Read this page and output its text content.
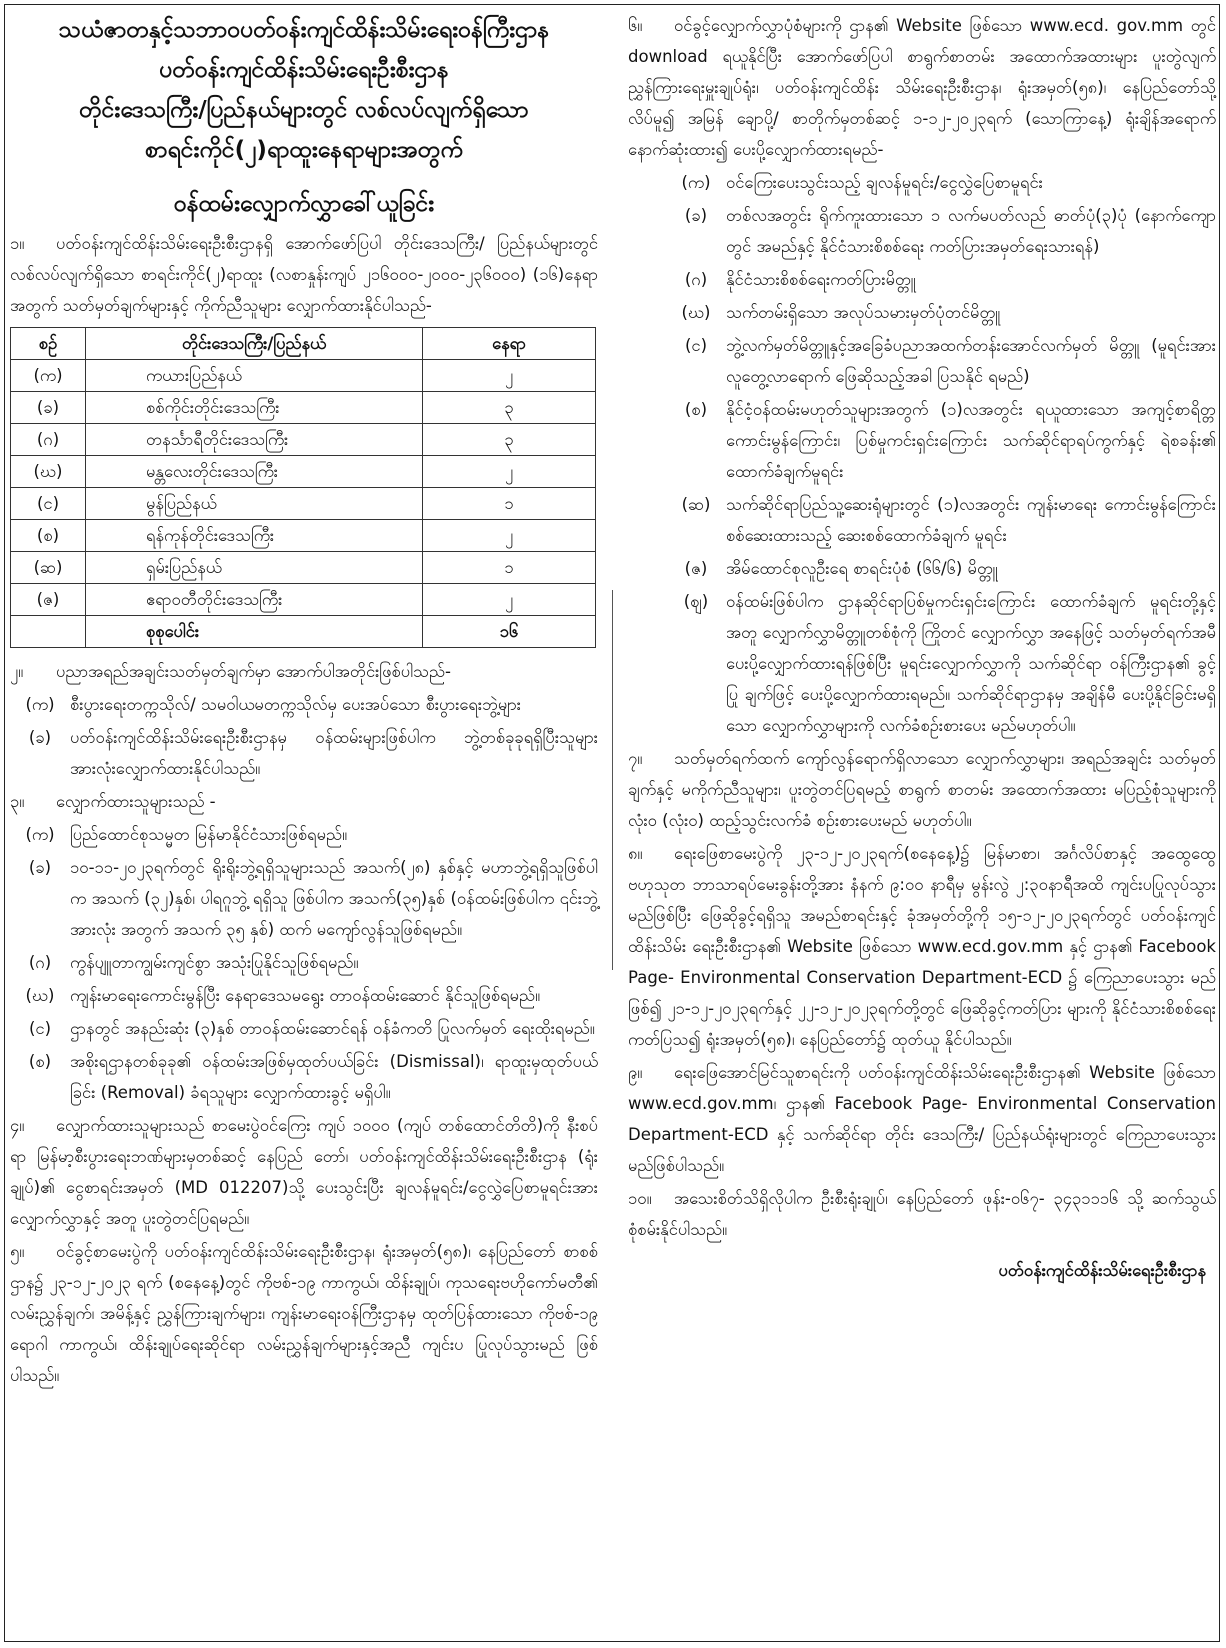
သယံဇာတနှင့်သဘာဝပတ်ဝန်းကျင်ထိန်းသိမ်းရေးဝန်ကြီးဌာန

ပတ်ဝန်းကျင်ထိန်းသိမ်းရေးဦးစီးဌာန

တိုင်းဒေသကြီး/ပြည်နယ်များတွင် လစ်လပ်လျက်ရှိသော

စာရင်းကိုင်(၂)ရာထူးနေရာများအတွက်

ဝန်ထမ်းလျှောက်လွှာခေါ်ယူခြင်း

၁။ ပတ်ဝန်းကျင်ထိန်းသိမ်းရေးဦးစီးဌာနရှိ အောက်ဖော်ပြပါ တိုင်းဒေသကြီး/ ပြည်နယ်များတွင် လစ်လပ်လျက်ရှိသော စာရင်းကိုင်(၂)ရာထူး (လစာနှုန်းကျပ် ၂၁၆၀၀၀-၂၀၀၀-၂၃၆၀၀၀) (၁၆)နေရာ အတွက် သတ်မှတ်ချက်များနှင့် ကိုက်ညီသူများ လျှောက်ထားနိုင်ပါသည်-

စဉ်	တိုင်းဒေသကြီး/ပြည်နယ်	နေရာ
(က)	ကယားပြည်နယ်	၂
(ခ)	စစ်ကိုင်းတိုင်းဒေသကြီး	၃
(ဂ)	တနင်္သာရီတိုင်းဒေသကြီး	၃
(ဃ)	မန္တလေးတိုင်းဒေသကြီး	၂
(င)	မွန်ပြည်နယ်	၁
(စ)	ရန်ကုန်တိုင်းဒေသကြီး	၂
(ဆ)	ရှမ်းပြည်နယ်	၁
(ဇ)	ဧရာဝတီတိုင်းဒေသကြီး	၂
	စုစုပေါင်း	၁၆

၂။ ပညာအရည်အချင်းသတ်မှတ်ချက်မှာ အောက်ပါအတိုင်းဖြစ်ပါသည်-

(က) စီးပွားရေးတက္ကသိုလ်/ သမဝါယမတက္ကသိုလ်မှ ပေးအပ်သော စီးပွားရေးဘွဲ့များ
(ခ)	ပတ်ဝန်းကျင်ထိန်းသိမ်းရေးဦးစီးဌာနမှ ဝန်ထမ်းများဖြစ်ပါက ဘွဲ့တစ်ခုခုရရှိပြီးသူများ အားလုံးလျှောက်ထားနိုင်ပါသည်။

၃။ လျှောက်ထားသူများသည် -

(က) ပြည်ထောင်စုသမ္မတ မြန်မာနိုင်ငံသားဖြစ်ရမည်။
(ခ)	၁၀-၁၁-၂၀၂၃ရက်တွင် ရိုးရိုးဘွဲ့ရရှိသူများသည် အသက်(၂၈) နှစ်နှင့် မဟာဘွဲ့ရရှိသူဖြစ်ပါက အသက် (၃၂)နှစ်၊ ပါရဂူဘွဲ့ ရရှိသူ ဖြစ်ပါက အသက်(၃၅)နှစ် (ဝန်ထမ်းဖြစ်ပါက ၎င်းဘွဲ့အားလုံး အတွက် အသက် ၃၅ နှစ်) ထက် မကျော်လွန်သူဖြစ်ရမည်။
(ဂ)	ကွန်ပျူတာကျွမ်းကျင်စွာ အသုံးပြုနိုင်သူဖြစ်ရမည်။
(ဃ) ကျန်းမာရေးကောင်းမွန်ပြီး နေရာဒေသမရွေး တာဝန်ထမ်းဆောင် နိုင်သူဖြစ်ရမည်။
(င)	ဌာနတွင် အနည်းဆုံး (၃)နှစ် တာဝန်ထမ်းဆောင်ရန် ဝန်ခံကတိ ပြုလက်မှတ် ရေးထိုးရမည်။
(စ)	အစိုးရဌာနတစ်ခုခု၏ ဝန်ထမ်းအဖြစ်မှထုတ်ပယ်ခြင်း (Dismissal)၊ ရာထူးမှထုတ်ပယ်ခြင်း (Removal) ခံရသူများ လျှောက်ထားခွင့် မရှိပါ။

၄။ လျှောက်ထားသူများသည် စာမေးပွဲဝင်ကြေး ကျပ် ၁၀၀ဝ (ကျပ် တစ်ထောင်တိတိ)ကို နီးစပ်ရာ မြန်မာ့စီးပွားရေးဘဏ်များမှတစ်ဆင့် နေပြည် တော်၊ ပတ်ဝန်းကျင်ထိန်းသိမ်းရေးဦးစီးဌာန (ရုံးချုပ်)၏ ငွေစာရင်းအမှတ် (MD 012207)သို့ ပေးသွင်းပြီး ချလန်မူရင်း/ငွေလွှဲပြေစာမူရင်းအား လျှောက်လွှာနှင့် အတူ ပူးတွဲတင်ပြရမည်။

၅။ ဝင်ခွင့်စာမေးပွဲကို ပတ်ဝန်းကျင်ထိန်းသိမ်းရေးဦးစီးဌာန၊ ရုံးအမှတ်(၅၈)၊ နေပြည်တော် စာစစ်ဌာန၌ ၂၃-၁၂-၂၀၂၃ ရက် (စနေနေ့)တွင် ကိုဗစ်-၁၉ ကာကွယ်၊ ထိန်းချုပ်၊ ကုသရေးဗဟိုကော်မတီ၏ လမ်းညွှန်ချက်၊ အမိန့်နှင့် ညွှန်ကြားချက်များ၊ ကျန်းမာရေးဝန်ကြီးဌာနမှ ထုတ်ပြန်ထားသော ကိုဗစ်-၁၉ ရောဂါ ကာကွယ်၊ ထိန်းချုပ်ရေးဆိုင်ရာ လမ်းညွှန်ချက်များနှင့်အညီ ကျင်းပ ပြုလုပ်သွားမည် ဖြစ်ပါသည်။

၆။ ဝင်ခွင့်လျှောက်လွှာပုံစံများကို ဌာန၏ Website ဖြစ်သော www.ecd. gov.mm တွင် download ရယူနိုင်ပြီး အောက်ဖော်ပြပါ စာရွက်စာတမ်း အထောက်အထားများ ပူးတွဲလျက် ညွှန်ကြားရေးမှူးချုပ်ရုံး၊ ပတ်ဝန်းကျင်ထိန်း သိမ်းရေးဦးစီးဌာန၊ ရုံးအမှတ်(၅၈)၊ နေပြည်တော်သို့လိပ်မူ၍ အမြန် ချောပို့/ စာတိုက်မှတစ်ဆင့် ၁-၁၂-၂၀၂၃ရက် (သောကြာနေ့) ရုံးချိန်အရောက် နောက်ဆုံးထား၍ ပေးပို့လျှောက်ထားရမည်-

(က) ဝင်ကြေးပေးသွင်းသည့် ချလန်မူရင်း/ငွေလွှဲပြေစာမူရင်း
(ခ)	တစ်လအတွင်း ရိုက်ကူးထားသော ၁ လက်မပတ်လည် ဓာတ်ပုံ(၃)ပုံ (နောက်ကျောတွင် အမည်နှင့် နိုင်ငံသားစိစစ်ရေး ကတ်ပြားအမှတ်ရေးသားရန်)
(ဂ)	နိုင်ငံသားစိစစ်ရေးကတ်ပြားမိတ္တူ
(ဃ) သက်တမ်းရှိသော အလုပ်သမားမှတ်ပုံတင်မိတ္တူ
(င)	ဘွဲ့လက်မှတ်မိတ္တူနှင့်အခြေခံပညာအထက်တန်းအောင်လက်မှတ် မိတ္တူ (မူရင်းအား လူတွေ့လာရောက် ဖြေဆိုသည့်အခါ ပြသနိုင် ရမည်)
(စ)	နိုင်ငံ့ဝန်ထမ်းမဟုတ်သူများအတွက် (၁)လအတွင်း ရယူထားသော အကျင့်စာရိတ္တကောင်းမွန်ကြောင်း၊ ပြစ်မှုကင်းရှင်းကြောင်း သက်ဆိုင်ရာရပ်ကွက်နှင့် ရဲစခန်း၏ ထောက်ခံချက်မူရင်း
(ဆ) သက်ဆိုင်ရာပြည်သူ့ဆေးရုံများတွင် (၁)လအတွင်း ကျန်းမာရေး ကောင်းမွန်ကြောင်း စစ်ဆေးထားသည့် ဆေးစစ်ထောက်ခံချက် မူရင်း
(ဇ)	အိမ်ထောင်စုလူဦးရေ စာရင်းပုံစံ (၆၆/၆) မိတ္တူ
(ဈ)	ဝန်ထမ်းဖြစ်ပါက ဌာနဆိုင်ရာပြစ်မှုကင်းရှင်းကြောင်း ထောက်ခံချက် မူရင်းတို့နှင့်အတူ လျှောက်လွှာမိတ္တူတစ်စုံကို ကြိုတင် လျှောက်လွှာ အနေဖြင့် သတ်မှတ်ရက်အမီ ပေးပို့လျှောက်ထားရန်ဖြစ်ပြီး မူရင်းလျှောက်လွှာကို သက်ဆိုင်ရာ ဝန်ကြီးဌာန၏ ခွင့်ပြု ချက်ဖြင့် ပေးပို့လျှောက်ထားရမည်။ သက်ဆိုင်ရာဌာနမှ အချိန်မီ ပေးပို့နိုင်ခြင်းမရှိသော လျှောက်လွှာများကို လက်ခံစဉ်းစားပေး မည်မဟုတ်ပါ။

၇။ သတ်မှတ်ရက်ထက် ကျော်လွန်ရောက်ရှိလာသော လျှောက်လွှာများ၊ အရည်အချင်း သတ်မှတ်ချက်နှင့် မကိုက်ညီသူများ၊ ပူးတွဲတင်ပြရမည့် စာရွက် စာတမ်း အထောက်အထား မပြည့်စုံသူများကိုလုံးဝ (လုံးဝ) ထည့်သွင်းလက်ခံ စဉ်းစားပေးမည် မဟုတ်ပါ။

၈။ ရေးဖြေစာမေးပွဲကို ၂၃-၁၂-၂၀၂၃ရက်(စနေနေ့)၌ မြန်မာစာ၊ အင်္ဂလိပ်စာနှင့် အထွေထွေ ဗဟုသုတ ဘာသာရပ်မေးခွန်းတို့အား နံနက် ၉:၀၀ နာရီမှ မွန်းလွဲ ၂:၃၀နာရီအထိ ကျင်းပပြုလုပ်သွားမည်ဖြစ်ပြီး ဖြေဆိုခွင့်ရရှိသူ အမည်စာရင်းနှင့် ခုံအမှတ်တို့ကို ၁၅-၁၂-၂၀၂၃ရက်တွင် ပတ်ဝန်းကျင်ထိန်းသိမ်း ရေးဦးစီးဌာန၏ Website ဖြစ်သော www.ecd.gov.mm နှင့် ဌာန၏ Facebook Page- Environmental Conservation Department-ECD ၌ ကြေညာပေးသွား မည်ဖြစ်၍ ၂၁-၁၂-၂၀၂၃ရက်နှင့် ၂၂-၁၂-၂၀၂၃ရက်တို့တွင် ဖြေဆိုခွင့်ကတ်ပြား များကို နိုင်ငံသားစိစစ်ရေးကတ်ပြသ၍ ရုံးအမှတ်(၅၈)၊ နေပြည်တော်၌ ထုတ်ယူ နိုင်ပါသည်။

၉။ ရေးဖြေအောင်မြင်သူစာရင်းကို ပတ်ဝန်းကျင်ထိန်းသိမ်းရေးဦးစီးဌာန၏ Website ဖြစ်သော www.ecd.gov.mm၊ ဌာန၏ Facebook Page- Environmental Conservation Department-ECD နှင့် သက်ဆိုင်ရာ တိုင်း ဒေသကြီး/ ပြည်နယ်ရုံးများတွင် ကြေညာပေးသွားမည်ဖြစ်ပါသည်။

၁၀။ အသေးစိတ်သိရှိလိုပါက ဦးစီးရုံးချုပ်၊ နေပြည်တော် ဖုန်း-၀၆၇- ၃၄၃၁၁၁၆ သို့ ဆက်သွယ်စုံစမ်းနိုင်ပါသည်။

ပတ်ဝန်းကျင်ထိန်းသိမ်းရေးဦးစီးဌာန
